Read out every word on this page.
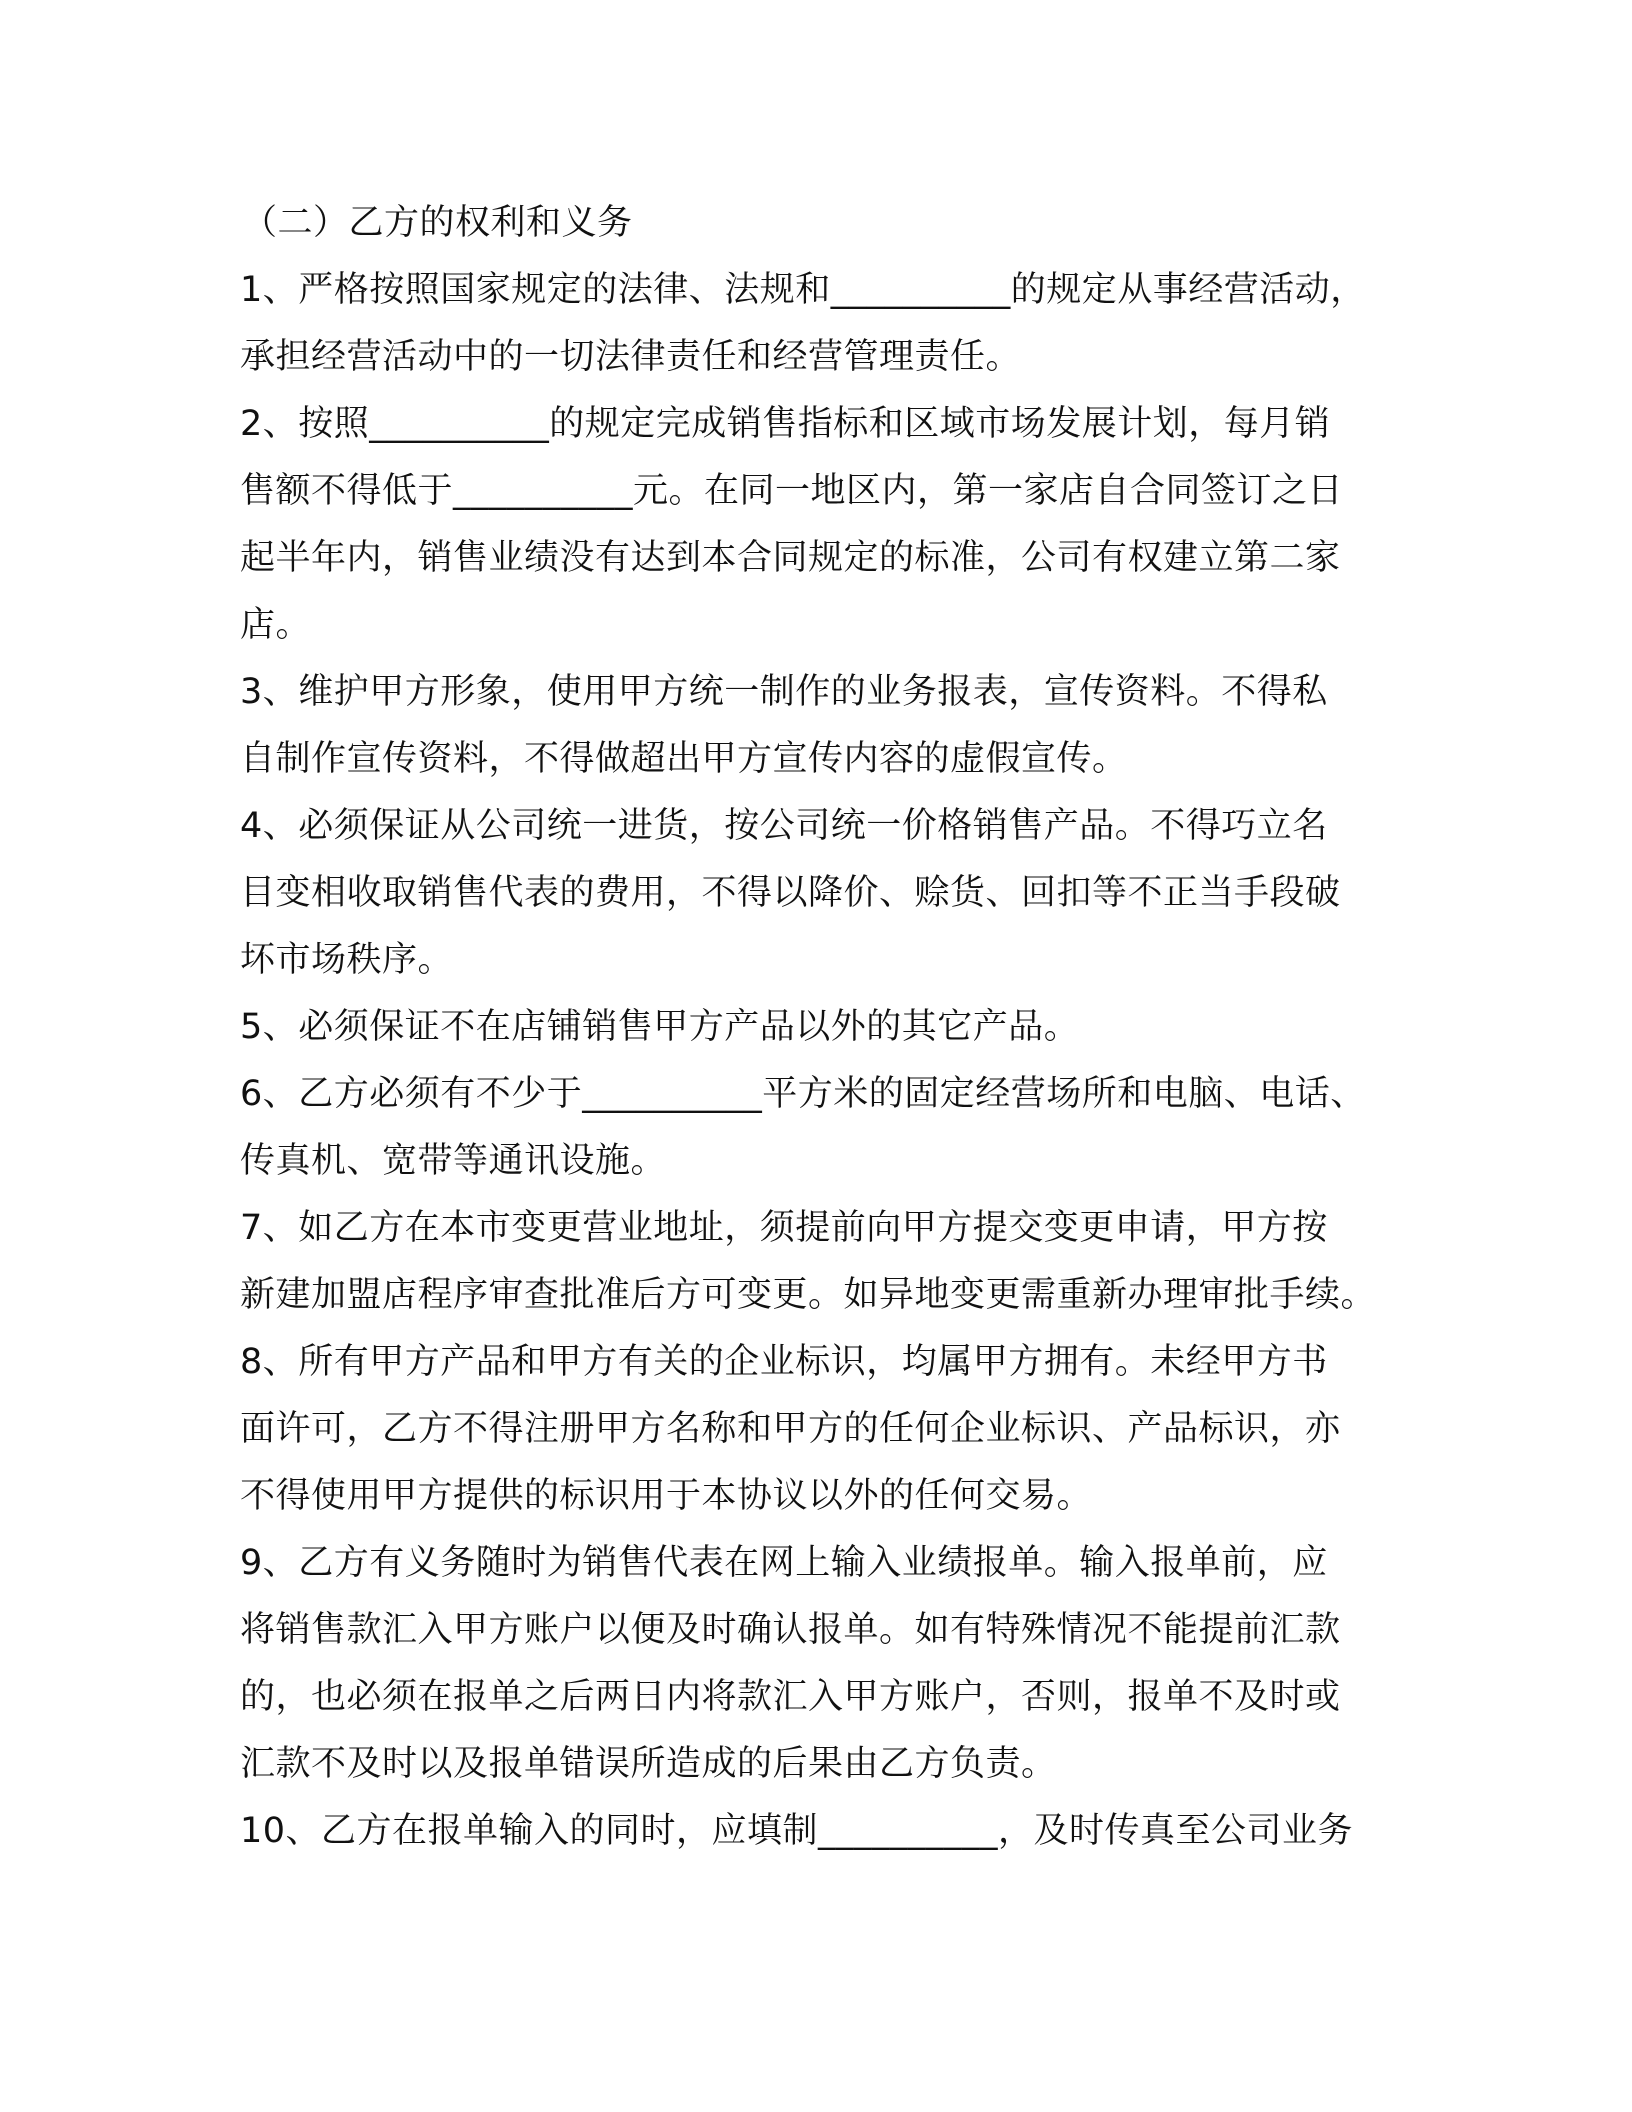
（二）乙方的权利和义务
1、严格按照国家规定的法律、法规和__________的规定从事经营活动，
承担经营活动中的一切法律责任和经营管理责任。
2、按照__________的规定完成销售指标和区域市场发展计划，每月销
售额不得低于__________元。在同一地区内，第一家店自合同签订之日
起半年内，销售业绩没有达到本合同规定的标准，公司有权建立第二家
店。
3、维护甲方形象，使用甲方统一制作的业务报表，宣传资料。不得私
自制作宣传资料，不得做超出甲方宣传内容的虚假宣传。
4、必须保证从公司统一进货，按公司统一价格销售产品。不得巧立名
目变相收取销售代表的费用，不得以降价、赊货、回扣等不正当手段破
坏市场秩序。
5、必须保证不在店铺销售甲方产品以外的其它产品。
6、乙方必须有不少于__________平方米的固定经营场所和电脑、电话、
传真机、宽带等通讯设施。
7、如乙方在本市变更营业地址，须提前向甲方提交变更申请，甲方按
新建加盟店程序审查批准后方可变更。如异地变更需重新办理审批手续。
8、所有甲方产品和甲方有关的企业标识，均属甲方拥有。未经甲方书
面许可，乙方不得注册甲方名称和甲方的任何企业标识、产品标识，亦
不得使用甲方提供的标识用于本协议以外的任何交易。
9、乙方有义务随时为销售代表在网上输入业绩报单。输入报单前，应
将销售款汇入甲方账户以便及时确认报单。如有特殊情况不能提前汇款
的，也必须在报单之后两日内将款汇入甲方账户，否则，报单不及时或
汇款不及时以及报单错误所造成的后果由乙方负责。
10、乙方在报单输入的同时，应填制__________，及时传真至公司业务
